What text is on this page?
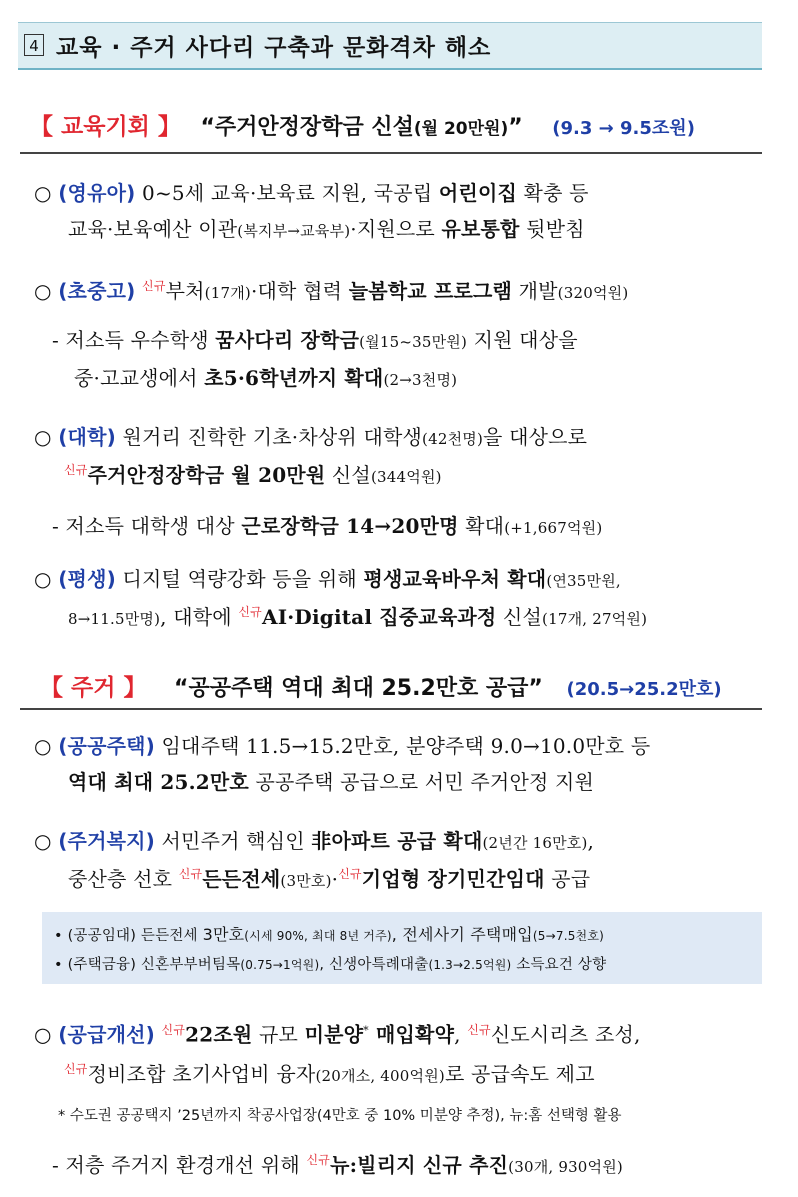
4 교육 · 주거 사다리 구축과 문화격차 해소
【 교육기회 】 “주거안정장학금 신설(월 20만원)” (9.3 → 9.5조원)
○ (영유아) 0~5세 교육·보육료 지원, 국공립 어린이집 확충 등
교육·보육예산 이관(복지부→교육부)·지원으로 유보통합 뒷받침
○ (초중고) $^{신규}$부처(17개)·대학 협력 늘봄학교 프로그램 개발(320억원)
- 저소득 우수학생 꿈사다리 장학금(월15~35만원) 지원 대상을
중·고교생에서 초5·6학년까지 확대(2→3천명)
○ (대학) 원거리 진학한 기초·차상위 대학생(42천명)을 대상으로
$^{신규}$주거안정장학금 월 20만원 신설(344억원)
- 저소득 대학생 대상 근로장학금 14→20만명 확대(+1,667억원)
○ (평생) 디지털 역량강화 등을 위해 평생교육바우처 확대(연35만원,
8→11.5만명), 대학에 $^{신규}$AI·Digital 집중교육과정 신설(17개, 27억원)
【 주거 】 “공공주택 역대 최대 25.2만호 공급” (20.5→25.2만호)
○ (공공주택) 임대주택 11.5→15.2만호, 분양주택 9.0→10.0만호 등
역대 최대 25.2만호 공공주택 공급으로 서민 주거안정 지원
○ (주거복지) 서민주거 핵심인 非아파트 공급 확대(2년간 16만호),
중산층 선호 $^{신규}$든든전세(3만호)·$^{신규}$기업형 장기민간임대 공급
• (공공임대) 든든전세 3만호(시세 90%, 최대 8년 거주), 전세사기 주택매입(5→7.5천호)
• (주택금융) 신혼부부버팀목(0.75→1억원), 신생아특례대출(1.3→2.5억원) 소득요건 상향
○ (공급개선) $^{신규}$22조원 규모 미분양* 매입확약, $^{신규}$신도시리츠 조성,
$^{신규}$정비조합 초기사업비 융자(20개소, 400억원)로 공급속도 제고
* 수도권 공공택지 ’25년까지 착공사업장(4만호 중 10% 미분양 추정), 뉴:홈 선택형 활용
- 저층 주거지 환경개선 위해 $^{신규}$뉴:빌리지 신규 추진(30개, 930억원)
